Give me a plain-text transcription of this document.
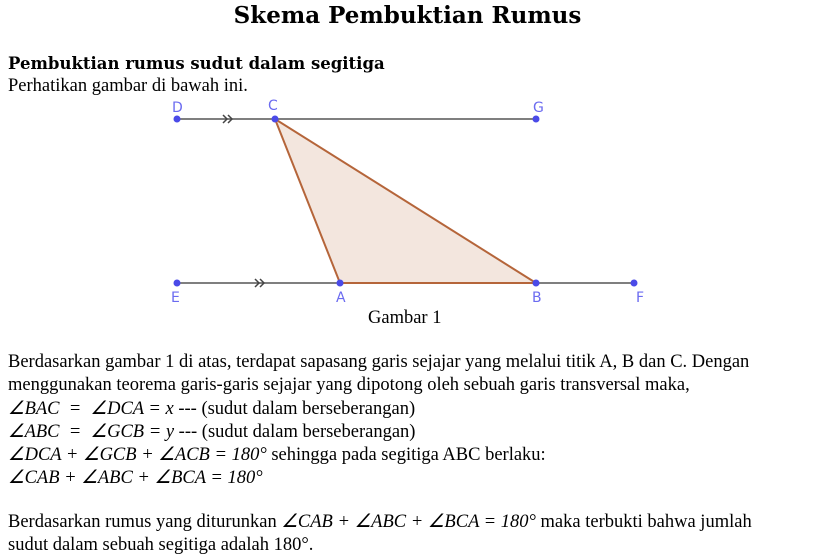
Skema Pembuktian Rumus
Pembuktian rumus sudut dalam segitiga
Perhatikan gambar di bawah ini.
D	C	G
E	A	B	F
Gambar 1
Berdasarkan gambar 1 di atas, terdapat sapasang garis sejajar yang melalui titik A, B dan C. Dengan
menggunakan teorema garis-garis sejajar yang dipotong oleh sebuah garis transversal maka,
∠BAC  =  ∠DCA = x --- (sudut dalam berseberangan)
∠ABC  =  ∠GCB = y --- (sudut dalam berseberangan)
∠DCA + ∠GCB + ∠ACB = 180° sehingga pada segitiga ABC berlaku:
∠CAB + ∠ABC + ∠BCA = 180°
Berdasarkan rumus yang diturunkan ∠CAB + ∠ABC + ∠BCA = 180° maka terbukti bahwa jumlah
sudut dalam sebuah segitiga adalah 180°.
